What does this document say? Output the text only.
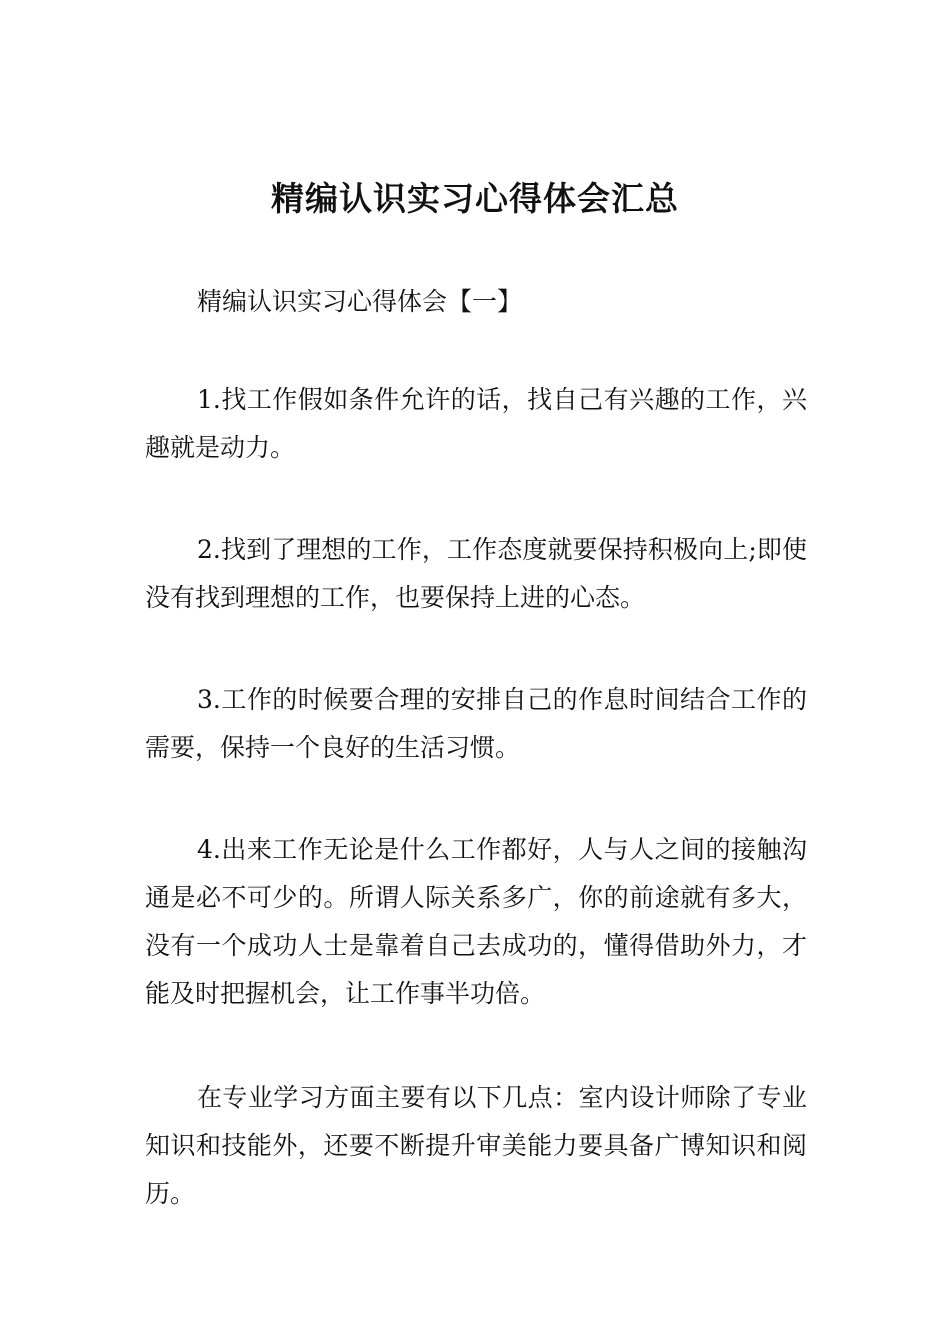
精编认识实习心得体会汇总

精编认识实习心得体会【一】

1.找工作假如条件允许的话，找自己有兴趣的工作，兴趣就是动力。

2.找到了理想的工作，工作态度就要保持积极向上;即使没有找到理想的工作，也要保持上进的心态。

3.工作的时候要合理的安排自己的作息时间结合工作的需要，保持一个良好的生活习惯。

4.出来工作无论是什么工作都好，人与人之间的接触沟通是必不可少的。所谓人际关系多广，你的前途就有多大，没有一个成功人士是靠着自己去成功的，懂得借助外力，才能及时把握机会，让工作事半功倍。

在专业学习方面主要有以下几点：室内设计师除了专业知识和技能外，还要不断提升审美能力要具备广博知识和阅历。
